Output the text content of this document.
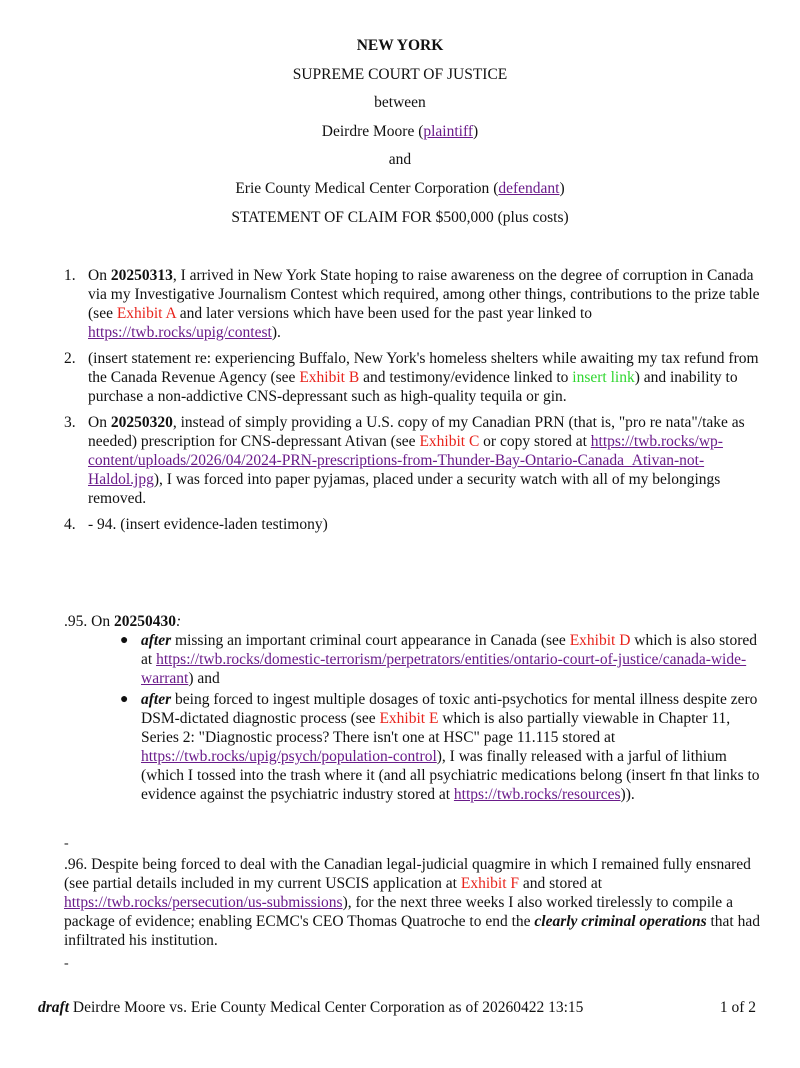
NEW YORK
SUPREME COURT OF JUSTICE
between
Deirdre Moore (plaintiff)
and
Erie County Medical Center Corporation (defendant)
STATEMENT OF CLAIM FOR $500,000 (plus costs)
1. On 20250313, I arrived in New York State hoping to raise awareness on the degree of corruption in Canada via my Investigative Journalism Contest which required, among other things, contributions to the prize table (see Exhibit A and later versions which have been used for the past year linked to https://twb.rocks/upig/contest).
2. (insert statement re: experiencing Buffalo, New York's homeless shelters while awaiting my tax refund from the Canada Revenue Agency (see Exhibit B and testimony/evidence linked to insert link) and inability to purchase a non-addictive CNS-depressant such as high-quality tequila or gin.
3. On 20250320, instead of simply providing a U.S. copy of my Canadian PRN (that is, "pro re nata"/take as needed) prescription for CNS-depressant Ativan (see Exhibit C or copy stored at https://twb.rocks/wp-content/uploads/2026/04/2024-PRN-prescriptions-from-Thunder-Bay-Ontario-Canada_Ativan-not-Haldol.jpg), I was forced into paper pyjamas, placed under a security watch with all of my belongings removed.
4. - 94. (insert evidence-laden testimony)
.95. On 20250430:
● after missing an important criminal court appearance in Canada (see Exhibit D which is also stored at https://twb.rocks/domestic-terrorism/perpetrators/entities/ontario-court-of-justice/canada-wide-warrant) and
● after being forced to ingest multiple dosages of toxic anti-psychotics for mental illness despite zero DSM-dictated diagnostic process (see Exhibit E which is also partially viewable in Chapter 11, Series 2: "Diagnostic process? There isn't one at HSC" page 11.115 stored at https://twb.rocks/upig/psych/population-control), I was finally released with a jarful of lithium (which I tossed into the trash where it (and all psychiatric medications belong (insert fn that links to evidence against the psychiatric industry stored at https://twb.rocks/resources)).
-
.96. Despite being forced to deal with the Canadian legal-judicial quagmire in which I remained fully ensnared (see partial details included in my current USCIS application at Exhibit F and stored at https://twb.rocks/persecution/us-submissions), for the next three weeks I also worked tirelessly to compile a package of evidence; enabling ECMC's CEO Thomas Quatroche to end the clearly criminal operations that had infiltrated his institution.
-
draft Deirdre Moore vs. Erie County Medical Center Corporation as of 20260422 13:15	1 of 2
